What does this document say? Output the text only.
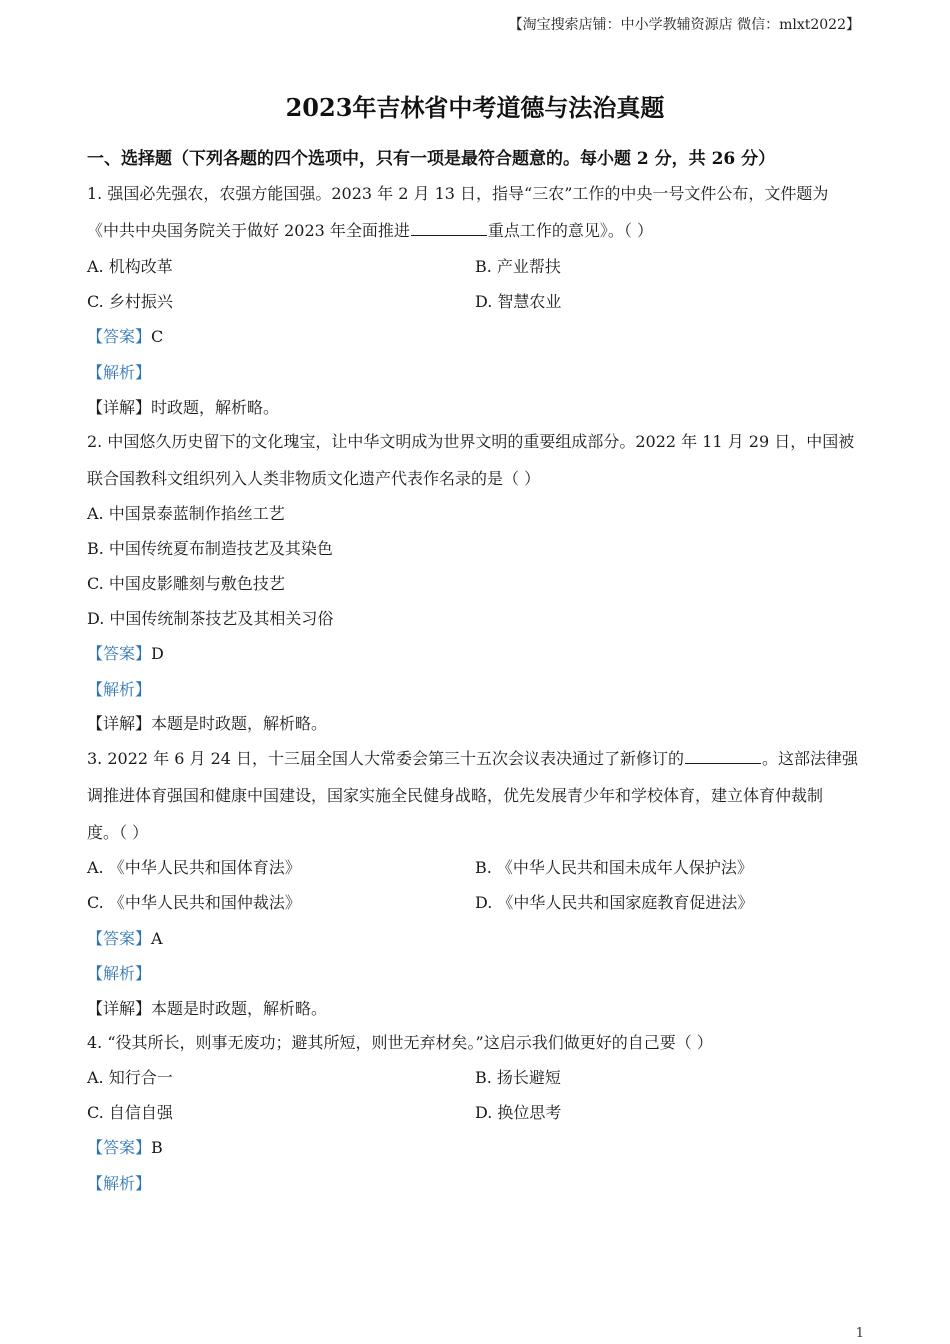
【淘宝搜索店铺：中小学教辅资源店 微信：mlxt2022】
2023年吉林省中考道德与法治真题
一、选择题（下列各题的四个选项中，只有一项是最符合题意的。每小题 2 分，共 26 分）
1. 强国必先强农，农强方能国强。2023 年 2 月 13 日，指导“三农”工作的中央一号文件公布，文件题为
《中共中央国务院关于做好 2023 年全面推进	重点工作的意见》。（ ）
A. 机构改革	B. 产业帮扶
C. 乡村振兴	D. 智慧农业
【答案】C
【解析】
【详解】时政题，解析略。
2. 中国悠久历史留下的文化瑰宝，让中华文明成为世界文明的重要组成部分。2022 年 11 月 29 日，中国被
联合国教科文组织列入人类非物质文化遗产代表作名录的是（ ）
A. 中国景泰蓝制作掐丝工艺
B. 中国传统夏布制造技艺及其染色
C. 中国皮影雕刻与敷色技艺
D. 中国传统制茶技艺及其相关习俗
【答案】D
【解析】
【详解】本题是时政题，解析略。
3. 2022 年 6 月 24 日，十三届全国人大常委会第三十五次会议表决通过了新修订的	。这部法律强
调推进体育强国和健康中国建设，国家实施全民健身战略，优先发展青少年和学校体育，建立体育仲裁制
度。（ ）
A. 《中华人民共和国体育法》	B. 《中华人民共和国未成年人保护法》
C. 《中华人民共和国仲裁法》	D. 《中华人民共和国家庭教育促进法》
【答案】A
【解析】
【详解】本题是时政题，解析略。
4. “役其所长，则事无废功；避其所短，则世无弃材矣。”这启示我们做更好的自己要（ ）
A. 知行合一	B. 扬长避短
C. 自信自强	D. 换位思考
【答案】B
【解析】
1
